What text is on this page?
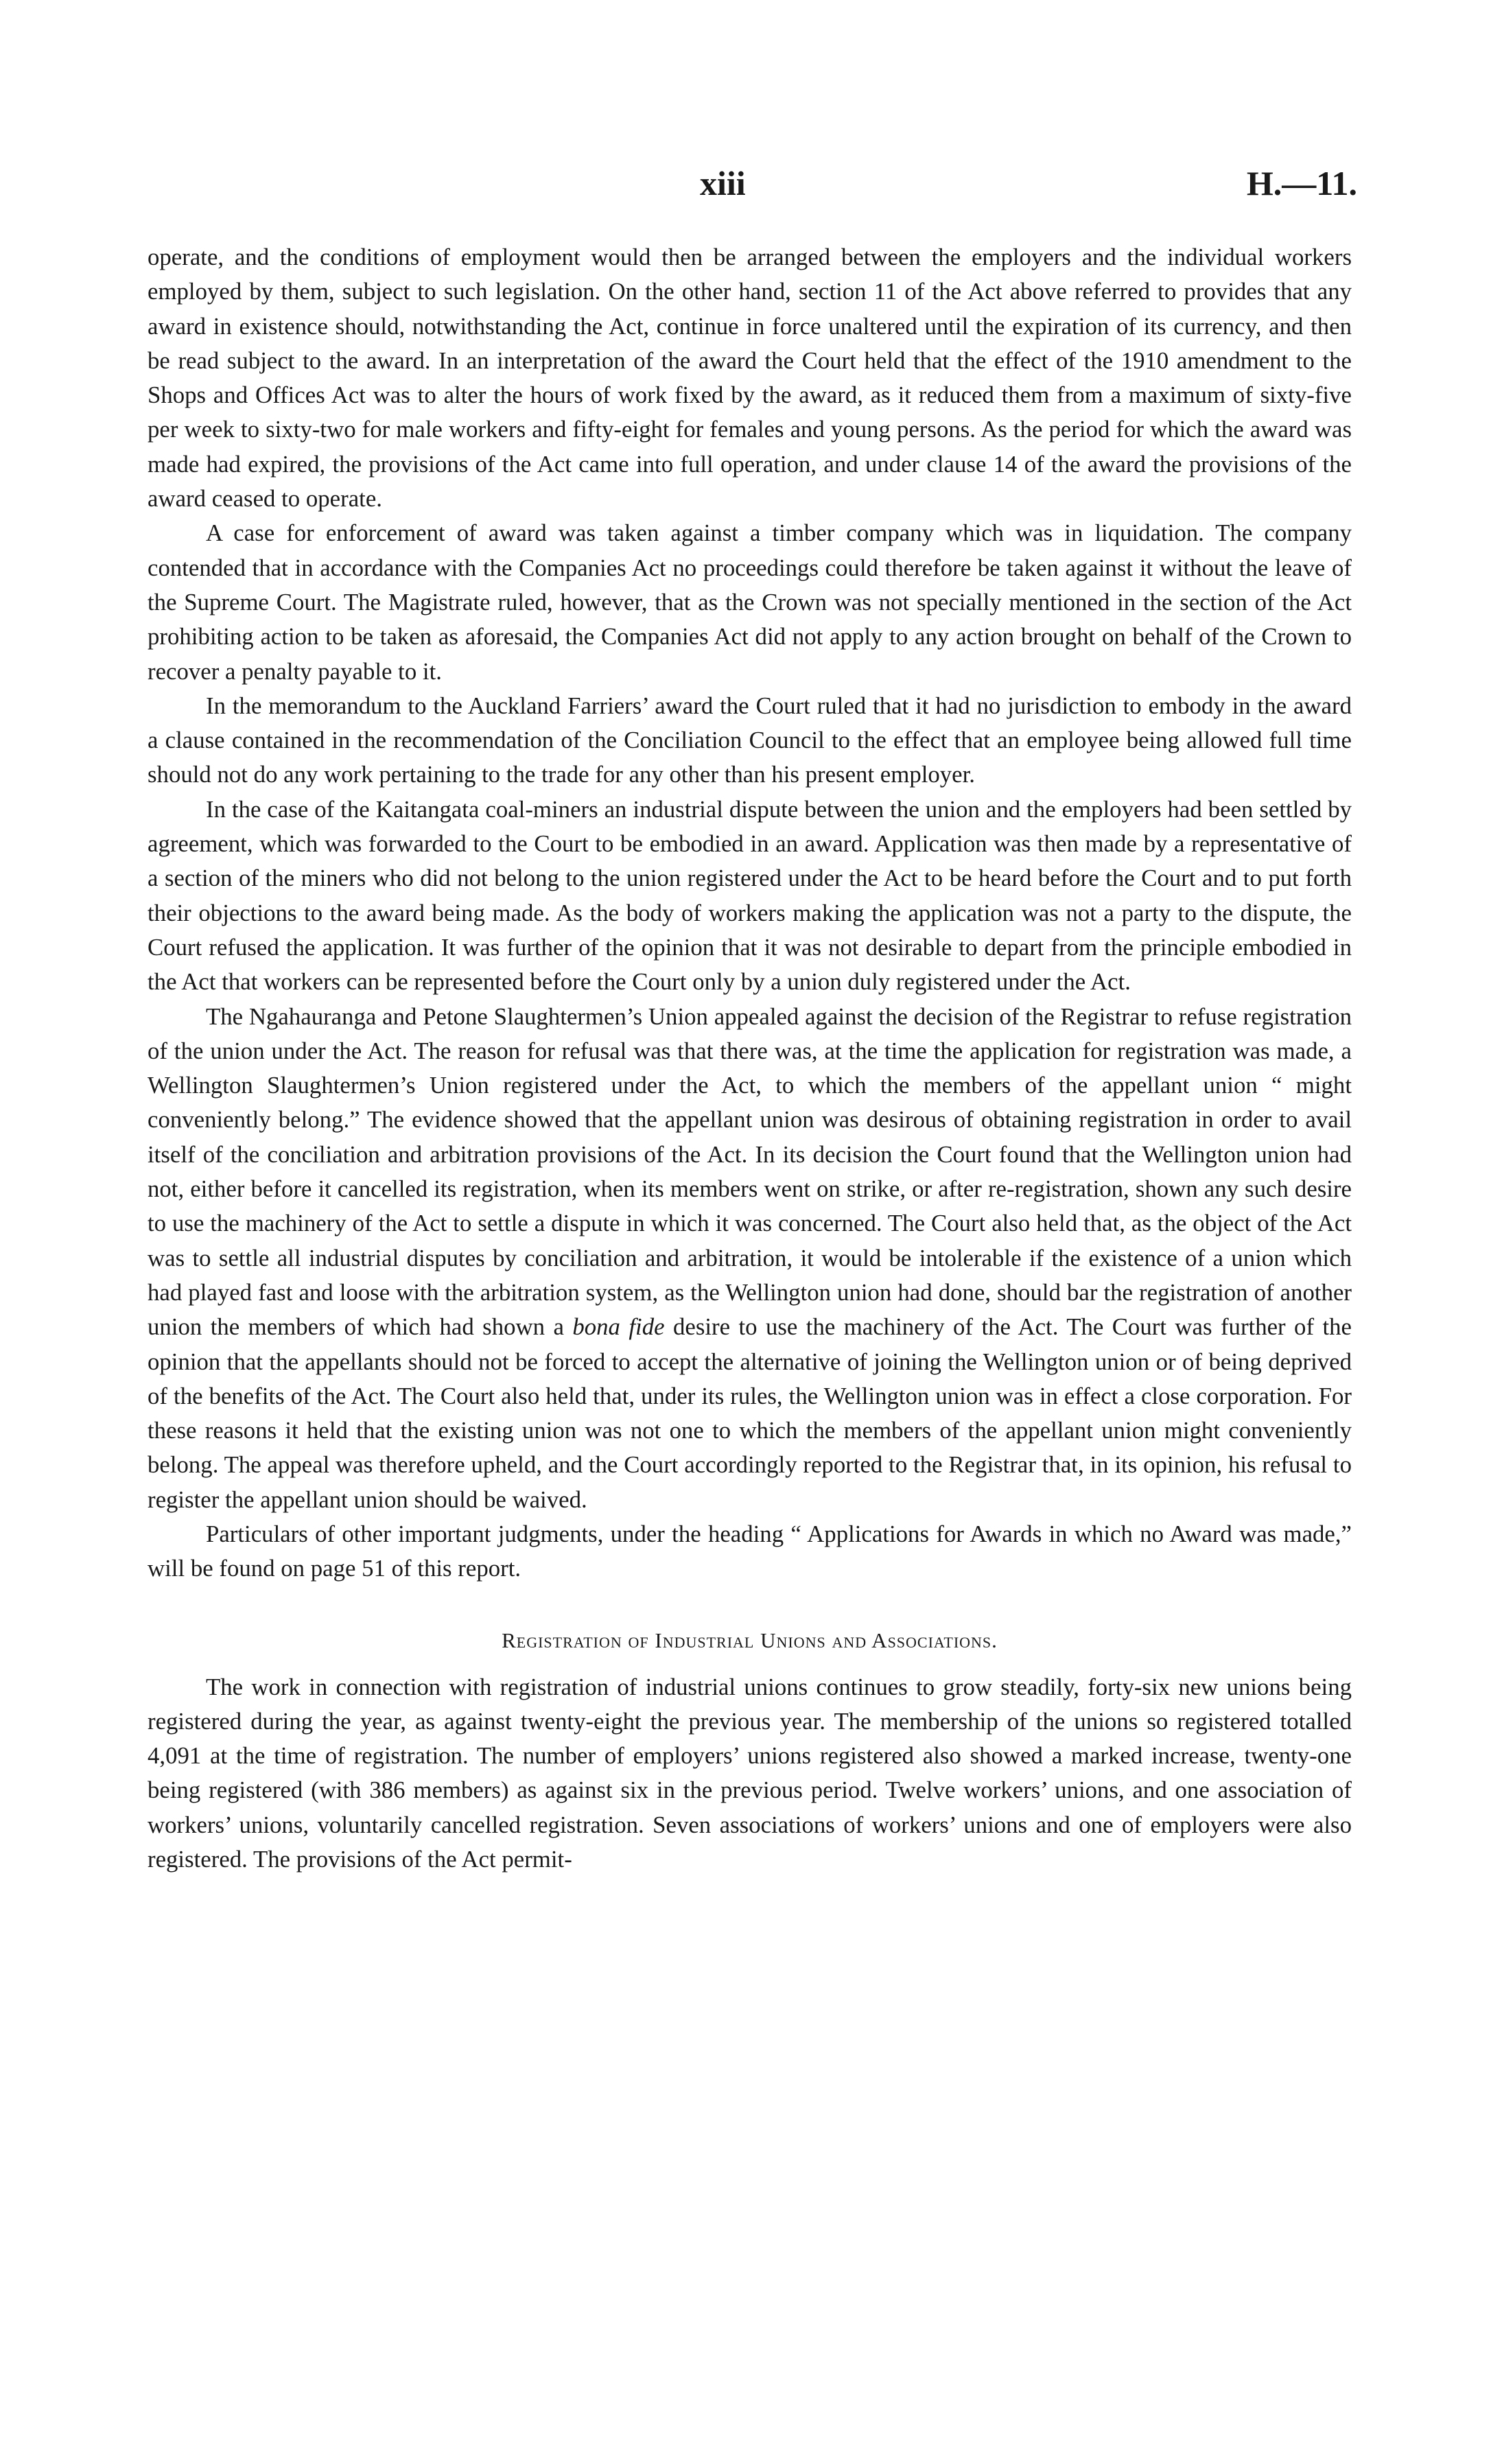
xiii	H.—11.

operate, and the conditions of employment would then be arranged between the employers and the individual workers employed by them, subject to such legislation. On the other hand, section 11 of the Act above referred to provides that any award in existence should, notwithstanding the Act, continue in force unaltered until the expiration of its currency, and then be read subject to the award. In an interpretation of the award the Court held that the effect of the 1910 amendment to the Shops and Offices Act was to alter the hours of work fixed by the award, as it reduced them from a maximum of sixty-five per week to sixty-two for male workers and fifty-eight for females and young persons. As the period for which the award was made had expired, the provisions of the Act came into full operation, and under clause 14 of the award the provisions of the award ceased to operate.

A case for enforcement of award was taken against a timber company which was in liquidation. The company contended that in accordance with the Companies Act no proceedings could therefore be taken against it without the leave of the Supreme Court. The Magistrate ruled, however, that as the Crown was not specially mentioned in the section of the Act prohibiting action to be taken as aforesaid, the Companies Act did not apply to any action brought on behalf of the Crown to recover a penalty payable to it.

In the memorandum to the Auckland Farriers’ award the Court ruled that it had no jurisdiction to embody in the award a clause contained in the recommendation of the Conciliation Council to the effect that an employee being allowed full time should not do any work pertaining to the trade for any other than his present employer.

In the case of the Kaitangata coal-miners an industrial dispute between the union and the employers had been settled by agreement, which was forwarded to the Court to be embodied in an award. Application was then made by a representative of a section of the miners who did not belong to the union registered under the Act to be heard before the Court and to put forth their objections to the award being made. As the body of workers making the application was not a party to the dispute, the Court refused the application. It was further of the opinion that it was not desirable to depart from the principle embodied in the Act that workers can be represented before the Court only by a union duly registered under the Act.

The Ngahauranga and Petone Slaughtermen’s Union appealed against the decision of the Registrar to refuse registration of the union under the Act. The reason for refusal was that there was, at the time the application for registration was made, a Wellington Slaughtermen’s Union registered under the Act, to which the members of the appellant union “ might conveniently belong.” The evidence showed that the appellant union was desirous of obtaining registration in order to avail itself of the conciliation and arbitration provisions of the Act. In its decision the Court found that the Wellington union had not, either before it cancelled its registration, when its members went on strike, or after re-registration, shown any such desire to use the machinery of the Act to settle a dispute in which it was concerned. The Court also held that, as the object of the Act was to settle all industrial disputes by conciliation and arbitration, it would be intolerable if the existence of a union which had played fast and loose with the arbitration system, as the Wellington union had done, should bar the registration of another union the members of which had shown a bona fide desire to use the machinery of the Act. The Court was further of the opinion that the appellants should not be forced to accept the alternative of joining the Wellington union or of being deprived of the benefits of the Act. The Court also held that, under its rules, the Wellington union was in effect a close corporation. For these reasons it held that the existing union was not one to which the members of the appellant union might conveniently belong. The appeal was therefore upheld, and the Court accordingly reported to the Registrar that, in its opinion, his refusal to register the appellant union should be waived.

Particulars of other important judgments, under the heading “ Applications for Awards in which no Award was made,” will be found on page 51 of this report.

Registration of Industrial Unions and Associations.

The work in connection with registration of industrial unions continues to grow steadily, forty-six new unions being registered during the year, as against twenty-eight the previous year. The membership of the unions so registered totalled 4,091 at the time of registration. The number of employers’ unions registered also showed a marked increase, twenty-one being registered (with 386 members) as against six in the previous period. Twelve workers’ unions, and one association of workers’ unions, voluntarily cancelled registration. Seven associations of workers’ unions and one of employers were also registered. The provisions of the Act permit-
